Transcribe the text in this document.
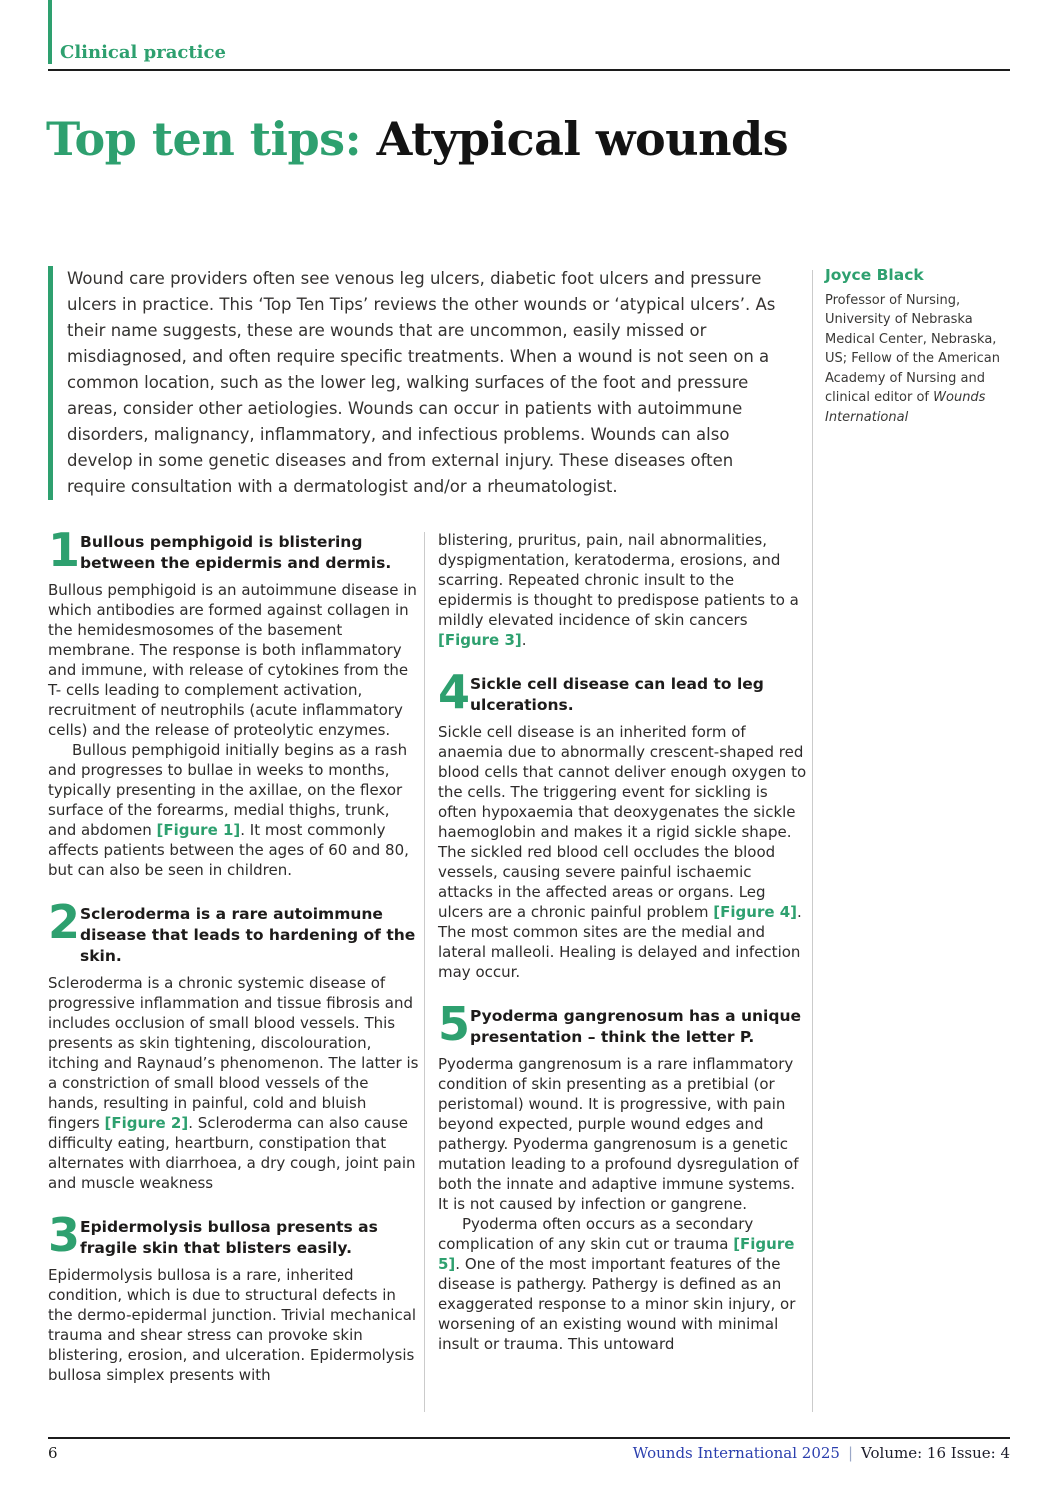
Clinical practice
Top ten tips: Atypical wounds
Wound care providers often see venous leg ulcers, diabetic foot ulcers and pressure ulcers in practice. This ‘Top Ten Tips’ reviews the other wounds or ‘atypical ulcers’. As their name suggests, these are wounds that are uncommon, easily missed or misdiagnosed, and often require specific treatments. When a wound is not seen on a common location, such as the lower leg, walking surfaces of the foot and pressure areas, consider other aetiologies. Wounds can occur in patients with autoimmune disorders, malignancy, inflammatory, and infectious problems. Wounds can also develop in some genetic diseases and from external injury. These diseases often require consultation with a dermatologist and/or a rheumatologist.
Joyce Black
Professor of Nursing, University of Nebraska Medical Center, Nebraska, US; Fellow of the American Academy of Nursing and clinical editor of Wounds International
1 Bullous pemphigoid is blistering between the epidermis and dermis.

Bullous pemphigoid is an autoimmune disease in which antibodies are formed against collagen in the hemidesmosomes of the basement membrane. The response is both inflammatory and immune, with release of cytokines from the T- cells leading to complement activation, recruitment of neutrophils (acute inflammatory cells) and the release of proteolytic enzymes.

Bullous pemphigoid initially begins as a rash and progresses to bullae in weeks to months, typically presenting in the axillae, on the flexor surface of the forearms, medial thighs, trunk, and abdomen [Figure 1]. It most commonly affects patients between the ages of 60 and 80, but can also be seen in children.

2 Scleroderma is a rare autoimmune disease that leads to hardening of the skin.

Scleroderma is a chronic systemic disease of progressive inflammation and tissue fibrosis and includes occlusion of small blood vessels. This presents as skin tightening, discolouration, itching and Raynaud’s phenomenon. The latter is a constriction of small blood vessels of the hands, resulting in painful, cold and bluish fingers [Figure 2]. Scleroderma can also cause difficulty eating, heartburn, constipation that alternates with diarrhoea, a dry cough, joint pain and muscle weakness

3 Epidermolysis bullosa presents as fragile skin that blisters easily.

Epidermolysis bullosa is a rare, inherited condition, which is due to structural defects in the dermo-epidermal junction. Trivial mechanical trauma and shear stress can provoke skin blistering, erosion, and ulceration. Epidermolysis bullosa simplex presents with

blistering, pruritus, pain, nail abnormalities, dyspigmentation, keratoderma, erosions, and scarring. Repeated chronic insult to the epidermis is thought to predispose patients to a mildly elevated incidence of skin cancers [Figure 3].

4 Sickle cell disease can lead to leg ulcerations.

Sickle cell disease is an inherited form of anaemia due to abnormally crescent-shaped red blood cells that cannot deliver enough oxygen to the cells. The triggering event for sickling is often hypoxaemia that deoxygenates the sickle haemoglobin and makes it a rigid sickle shape. The sickled red blood cell occludes the blood vessels, causing severe painful ischaemic attacks in the affected areas or organs. Leg ulcers are a chronic painful problem [Figure 4]. The most common sites are the medial and lateral malleoli. Healing is delayed and infection may occur.

5 Pyoderma gangrenosum has a unique presentation – think the letter P.

Pyoderma gangrenosum is a rare inflammatory condition of skin presenting as a pretibial (or peristomal) wound. It is progressive, with pain beyond expected, purple wound edges and pathergy. Pyoderma gangrenosum is a genetic mutation leading to a profound dysregulation of both the innate and adaptive immune systems. It is not caused by infection or gangrene.

Pyoderma often occurs as a secondary complication of any skin cut or trauma [Figure 5]. One of the most important features of the disease is pathergy. Pathergy is defined as an exaggerated response to a minor skin injury, or worsening of an existing wound with minimal insult or trauma. This untoward

6	Wounds International 2025 | Volume: 16 Issue: 4
